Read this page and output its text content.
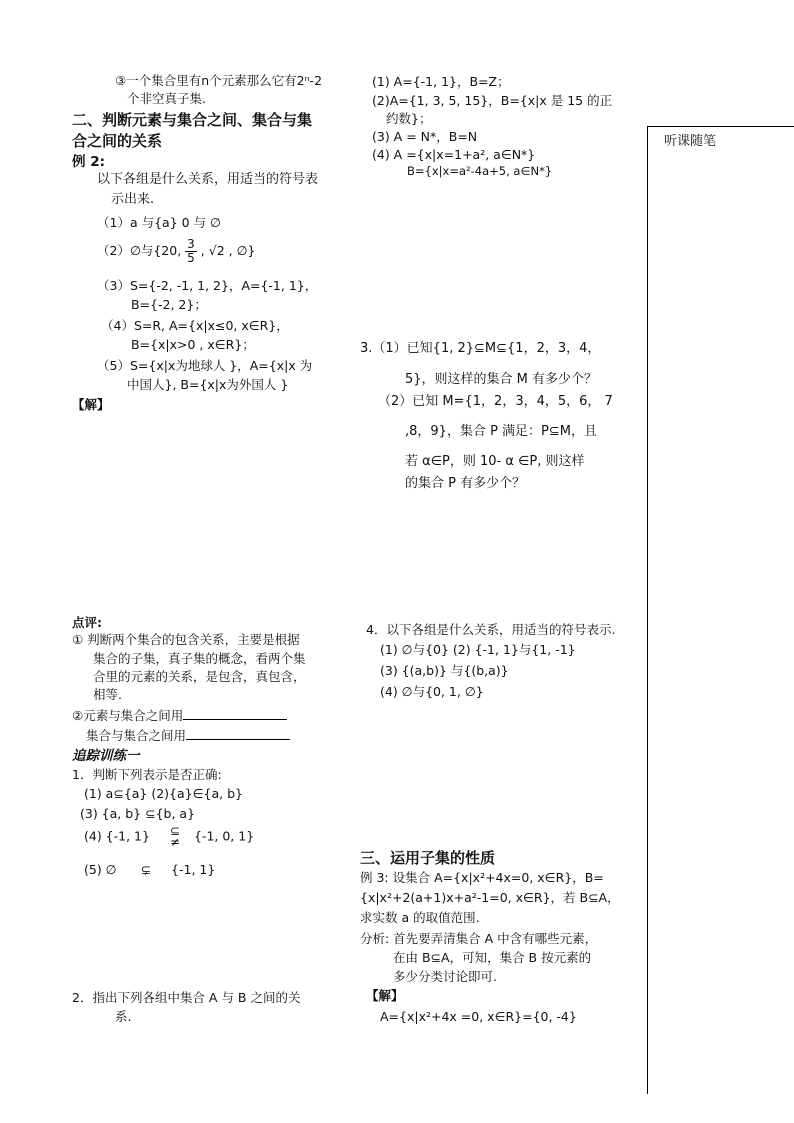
听课随笔
③一个集合里有n个元素那么它有2ⁿ-2
个非空真子集.
二、判断元素与集合之间、集合与集
合之间的关系
例 2:
以下各组是什么关系，用适当的符号表
示出来.
（1）a 与{a} 0 与 ∅
（2）∅与{20, $\frac{3}{5}$ , √2 , ∅}
（3）S={-2, -1, 1, 2}，A={-1, 1}，
B={-2, 2}；
（4）S=R, A={x|x≤0, x∈R}，
B={x|x>0 , x∈R}；
（5）S={x|x为地球人 }，A={x|x 为
中国人}, B={x|x为外国人 }
【解】
点评:
① 判断两个集合的包含关系，主要是根据
集合的子集，真子集的概念，看两个集
合里的元素的关系，是包含，真包含，
相等.
②元素与集合之间用
集合与集合之间用
追踪训练一
1．判断下列表示是否正确:
(1) a⊆{a} (2){a}∈{a, b}
(3) {a, b} ⊆{b, a}
(4) {-1, 1} ⊆
≠ {-1, 0, 1}
(5) ∅ ⊊ {-1, 1}
2．指出下列各组中集合 A 与 B 之间的关
系.
(1) A={-1, 1}，B=Z；
(2)A={1, 3, 5, 15}，B={x|x 是 15 的正
约数}；
(3) A = N*，B=N
(4) A ={x|x=1+a², a∈N*}
B={x|x=a²-4a+5, a∈N*}
3.（1）已知{1, 2}⊆M⊆{1，2，3，4，
5}，则这样的集合 M 有多少个？
（2）已知 M={1，2，3，4，5，6， 7
,8，9}，集合 P 满足：P⊆M，且
若 α∈P，则 10- α ∈P, 则这样
的集合 P 有多少个？
4．以下各组是什么关系，用适当的符号表示.
(1) ∅与{0} (2) {-1, 1}与{1, -1}
(3) {(a,b)} 与{(b,a)}
(4) ∅与{0, 1, ∅}
三、运用子集的性质
例 3: 设集合 A={x|x²+4x=0, x∈R}，B=
{x|x²+2(a+1)x+a²-1=0, x∈R}，若 B⊆A，
求实数 a 的取值范围.
分析: 首先要弄清集合 A 中含有哪些元素，
在由 B⊆A，可知，集合 B 按元素的
多少分类讨论即可.
【解】
A={x|x²+4x =0, x∈R}={0, -4}
